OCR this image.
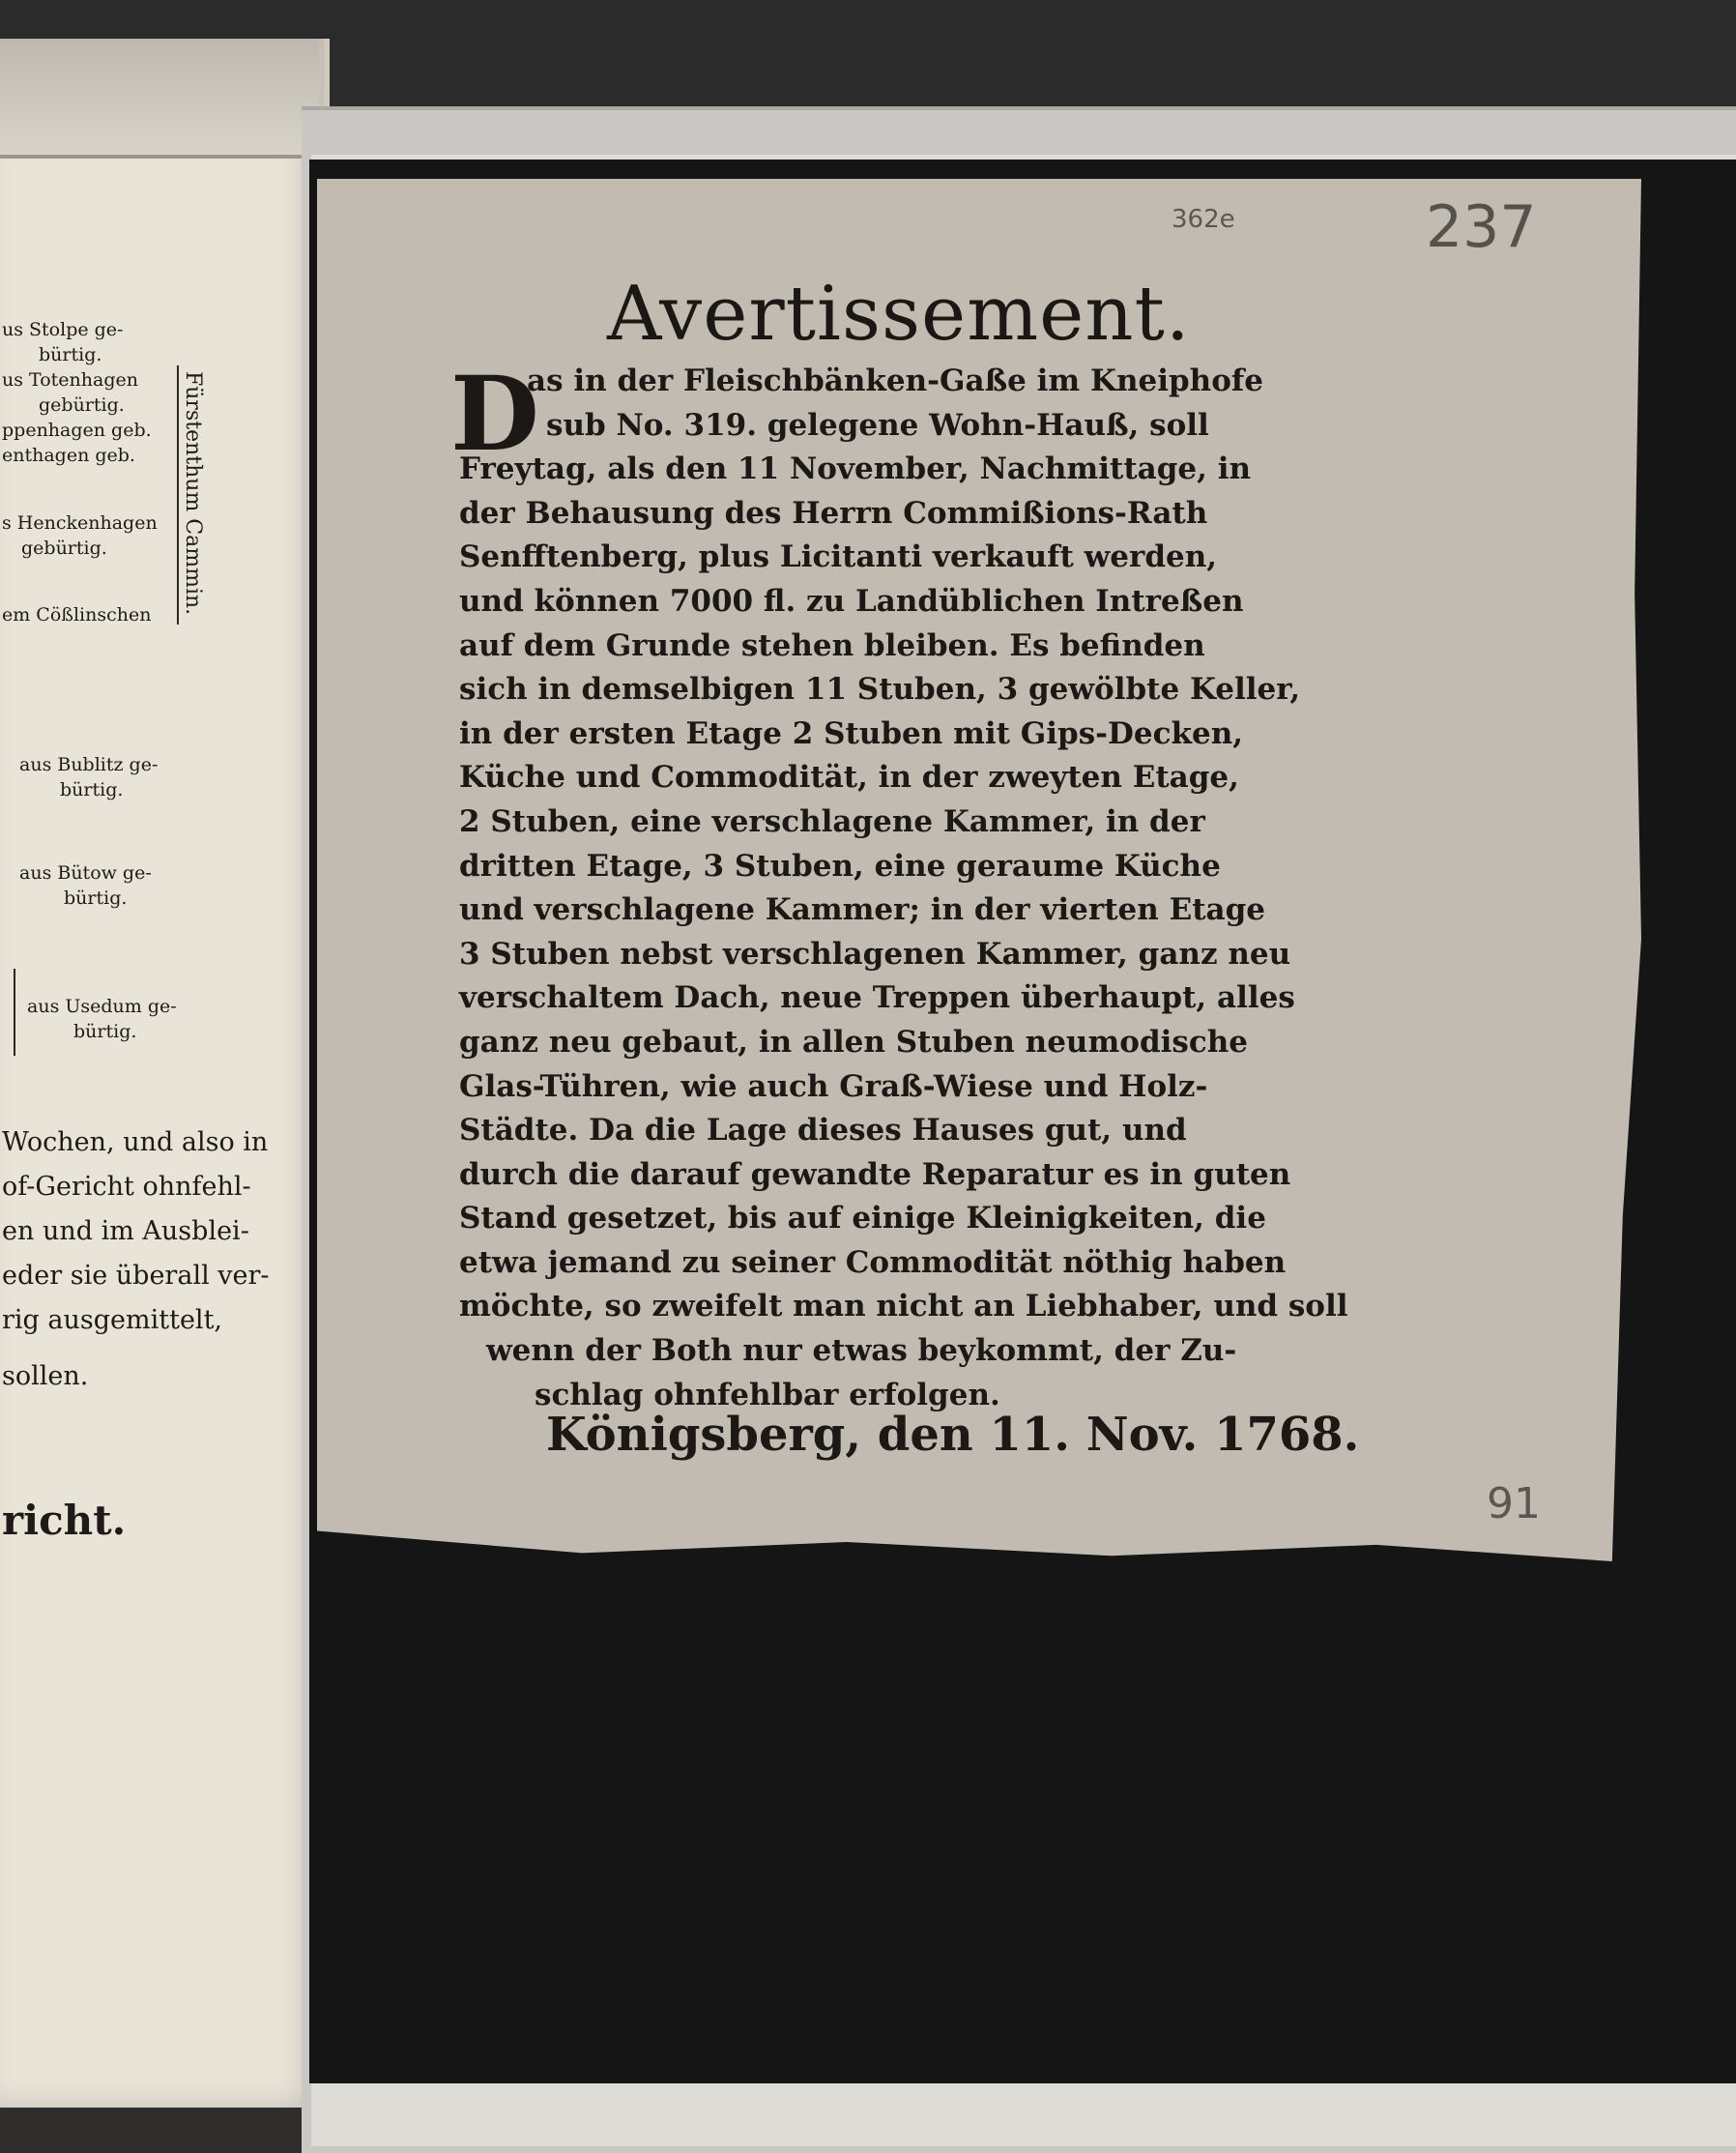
us Stolpe ge-
bürtig.
us Totenhagen
gebürtig.
ppenhagen geb.
enthagen geb.
s Henckenhagen
gebürtig.
em Cößlinschen
aus Bublitz ge-
bürtig.
aus Bütow ge-
bürtig.
aus Usedum ge-
bürtig.
Wochen, und also in
of-Gericht ohnfehl-
en und im Ausblei-
eder sie überall ver-
rig ausgemittelt,
sollen.
richt.
Fürstenthum Cammin.
362e	237
91
Avertissement.
D
as in der Fleischbänken-Gaße im Kneiphofe
sub No. 319. gelegene Wohn-Hauß, soll
Freytag, als den 11 November, Nachmittage, in
der Behausung des Herrn Commißions-Rath
Senfftenberg, plus Licitanti verkauft werden,
und können 7000 fl. zu Landüblichen Intreßen
auf dem Grunde stehen bleiben. Es befinden
sich in demselbigen 11 Stuben, 3 gewölbte Keller,
in der ersten Etage 2 Stuben mit Gips-Decken,
Küche und Commodität, in der zweyten Etage,
2 Stuben, eine verschlagene Kammer, in der
dritten Etage, 3 Stuben, eine geraume Küche
und verschlagene Kammer; in der vierten Etage
3 Stuben nebst verschlagenen Kammer, ganz neu
verschaltem Dach, neue Treppen überhaupt, alles
ganz neu gebaut, in allen Stuben neumodische
Glas-Tühren, wie auch Graß-Wiese und Holz-
Städte. Da die Lage dieses Hauses gut, und
durch die darauf gewandte Reparatur es in guten
Stand gesetzet, bis auf einige Kleinigkeiten, die
etwa jemand zu seiner Commodität nöthig haben
möchte, so zweifelt man nicht an Liebhaber, und soll
wenn der Both nur etwas beykommt, der Zu-
schlag ohnfehlbar erfolgen.
Königsberg, den 11. Nov. 1768.
